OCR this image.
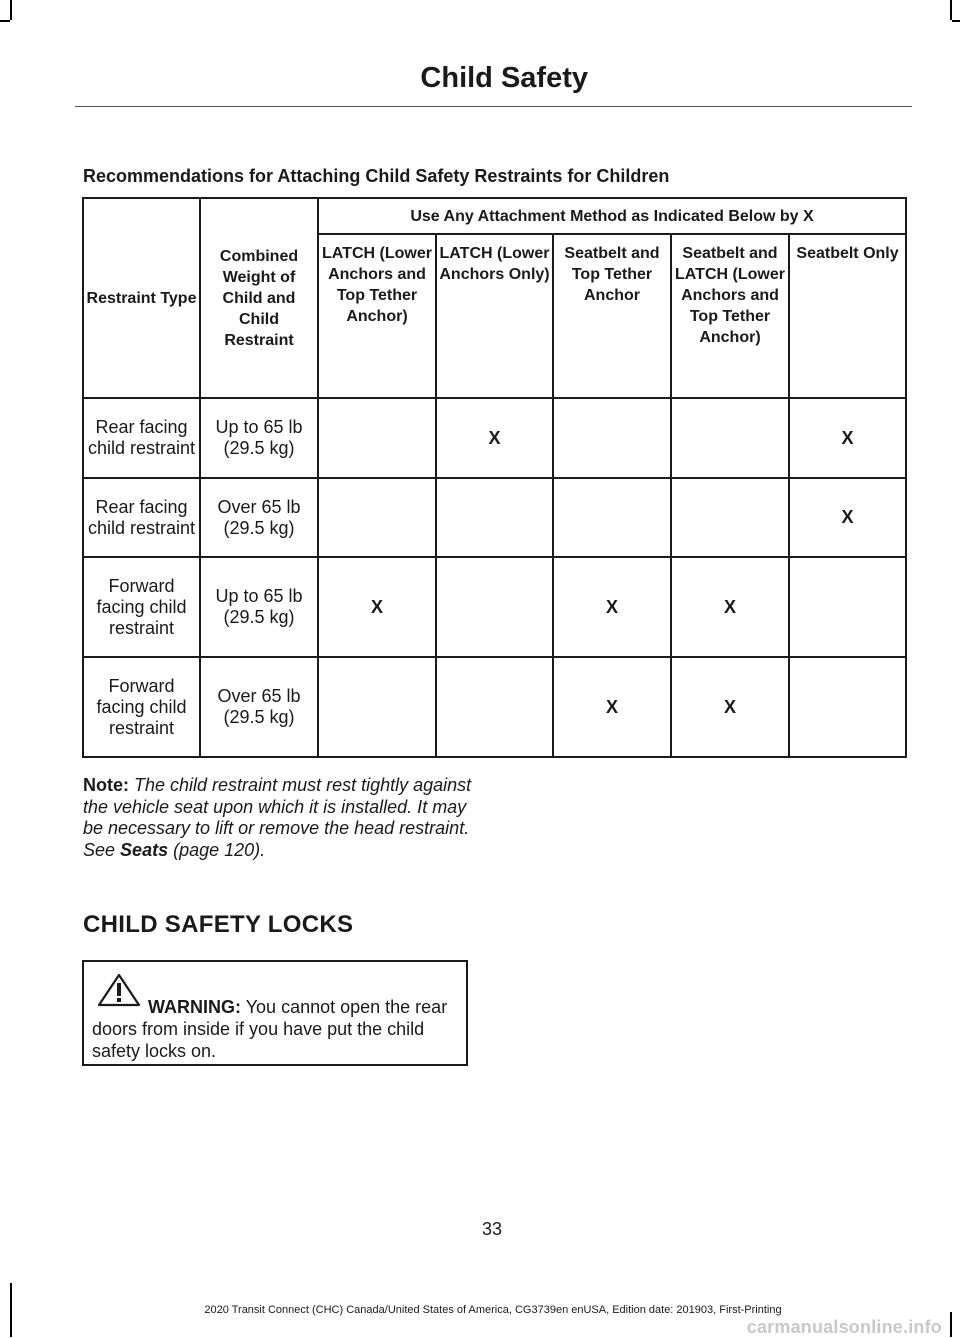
Child Safety
Recommendations for Attaching Child Safety Restraints for Children
Restraint Type	Combined Weight of Child and Child Restraint	Use Any Attachment Method as Indicated Below by X				
		LATCH (Lower Anchors and Top Tether Anchor)	LATCH (Lower Anchors Only)	Seatbelt and Top Tether Anchor	Seatbelt and LATCH (Lower Anchors and Top Tether Anchor)	Seatbelt Only
Rear facing child restraint	Up to 65 lb (29.5 kg)		X			X
Rear facing child restraint	Over 65 lb (29.5 kg)					X
Forward facing child restraint	Up to 65 lb (29.5 kg)	X		X	X	
Forward facing child restraint	Over 65 lb (29.5 kg)			X	X	

Note: The child restraint must rest tightly against the vehicle seat upon which it is installed. It may be necessary to lift or remove the head restraint. See Seats (page 120).

CHILD SAFETY LOCKS

WARNING: You cannot open the rear doors from inside if you have put the child safety locks on.

33

2020 Transit Connect (CHC) Canada/United States of America, CG3739en enUSA, Edition date: 201903, First-Printing

carmanualsonline.info
